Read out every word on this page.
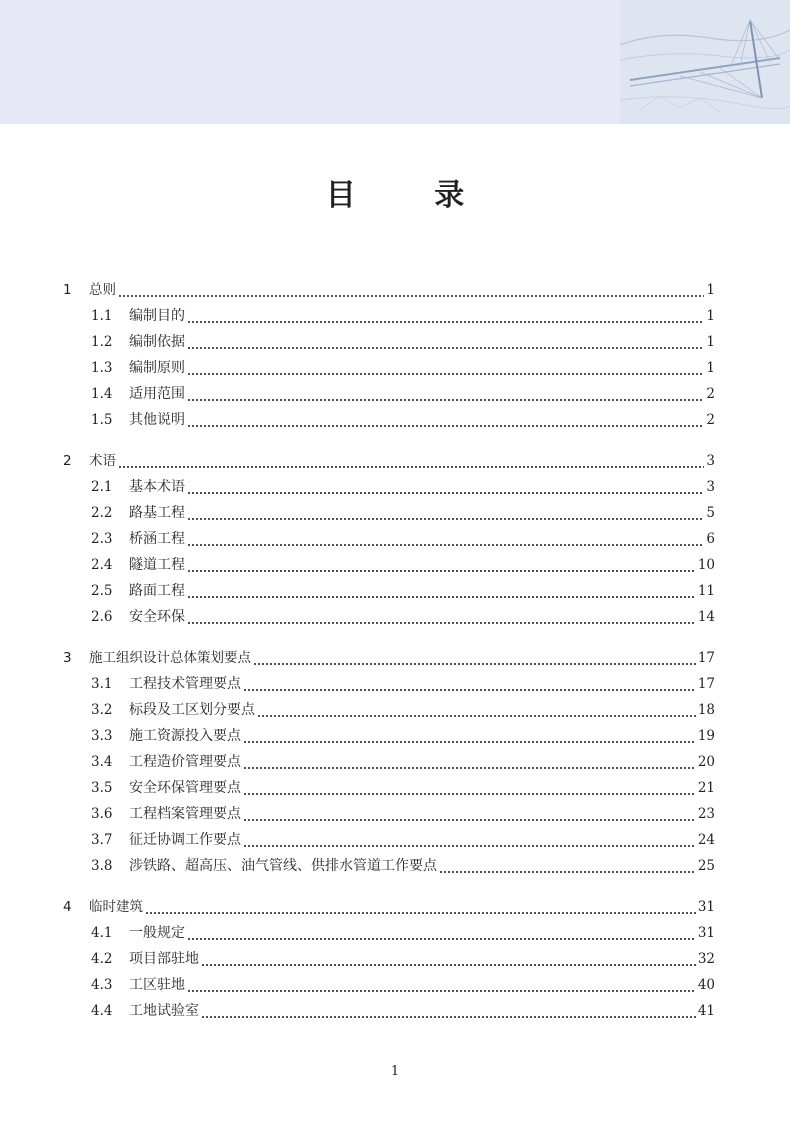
目 录
1	总则	1
1.1	编制目的	1
1.2	编制依据	1
1.3	编制原则	1
1.4	适用范围	2
1.5	其他说明	2
2	术语	3
2.1	基本术语	3
2.2	路基工程	5
2.3	桥涵工程	6
2.4	隧道工程	10
2.5	路面工程	11
2.6	安全环保	14
3	施工组织设计总体策划要点	17
3.1	工程技术管理要点	17
3.2	标段及工区划分要点	18
3.3	施工资源投入要点	19
3.4	工程造价管理要点	20
3.5	安全环保管理要点	21
3.6	工程档案管理要点	23
3.7	征迁协调工作要点	24
3.8	涉铁路、超高压、油气管线、供排水管道工作要点	25
4	临时建筑	31
4.1	一般规定	31
4.2	项目部驻地	32
4.3	工区驻地	40
4.4	工地试验室	41
1
